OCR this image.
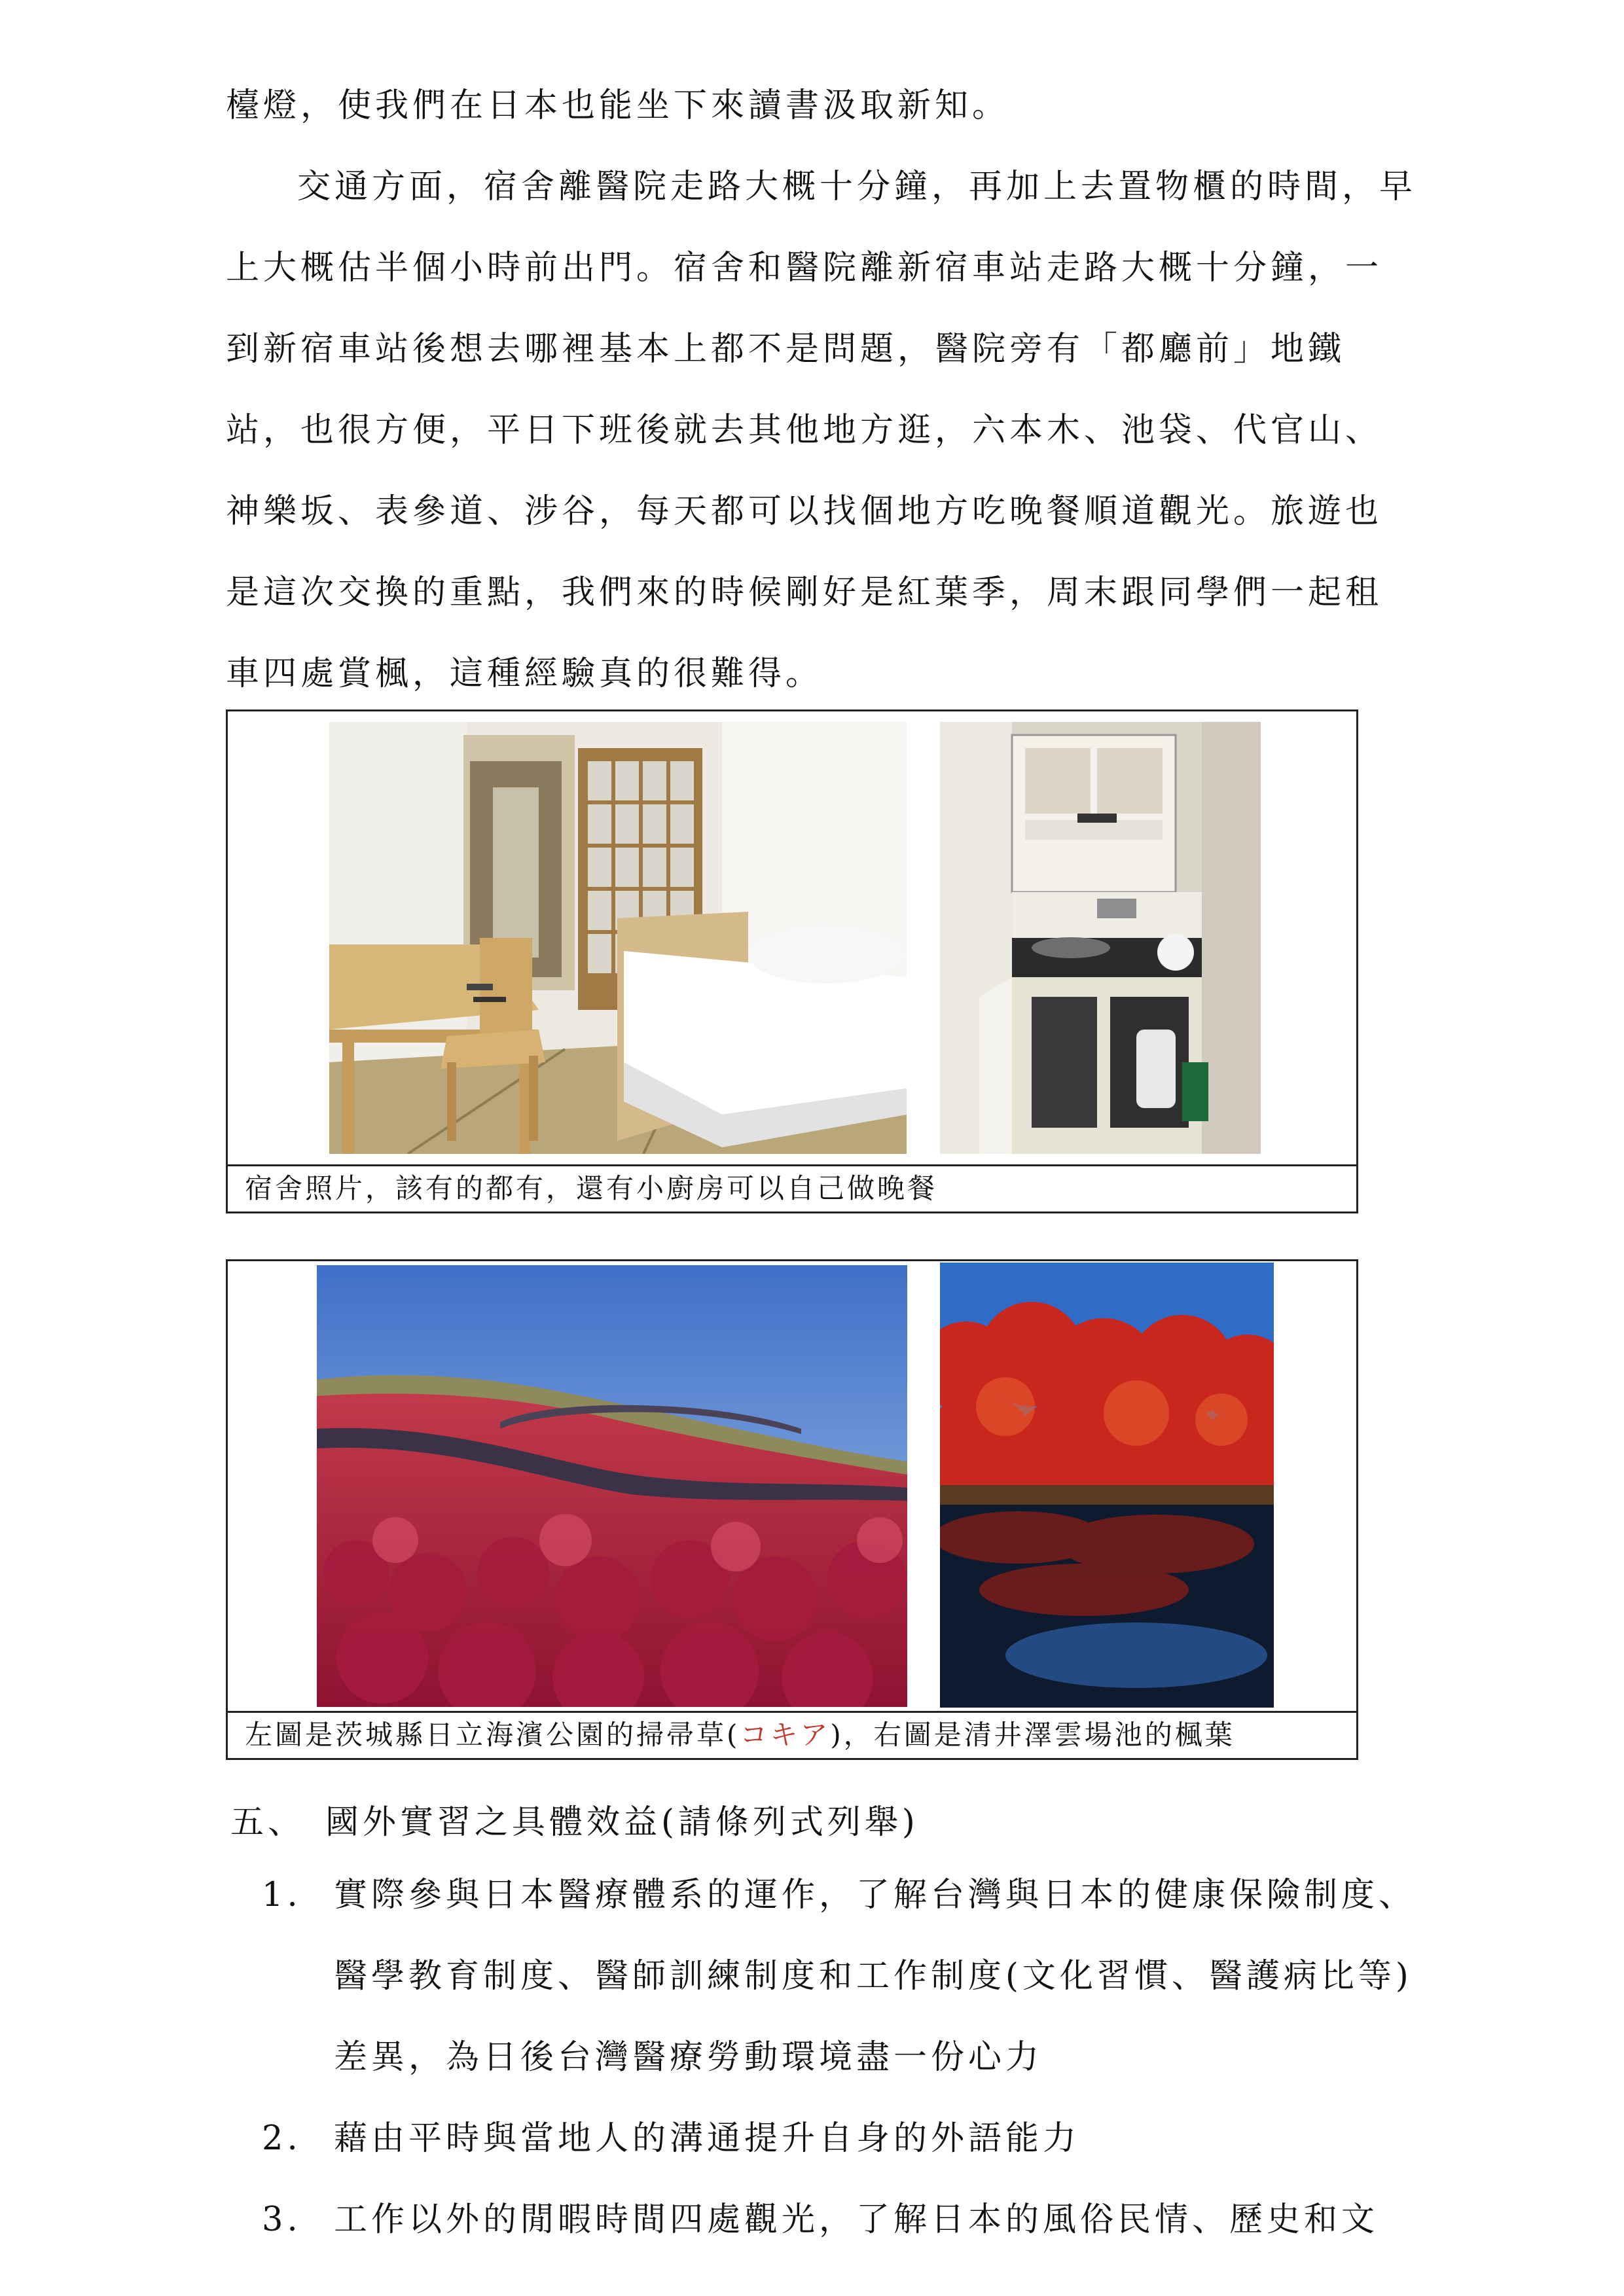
檯燈，使我們在日本也能坐下來讀書汲取新知。

交通方面，宿舍離醫院走路大概十分鐘，再加上去置物櫃的時間，早上大概估半個小時前出門。宿舍和醫院離新宿車站走路大概十分鐘，一到新宿車站後想去哪裡基本上都不是問題，醫院旁有「都廳前」地鐵站，也很方便，平日下班後就去其他地方逛，六本木、池袋、代官山、神樂坂、表參道、涉谷，每天都可以找個地方吃晚餐順道觀光。旅遊也是這次交換的重點，我們來的時候剛好是紅葉季，周末跟同學們一起租車四處賞楓，這種經驗真的很難得。

宿舍照片，該有的都有，還有小廚房可以自己做晚餐
左圖是茨城縣日立海濱公園的掃帚草(コキア)，右圖是清井澤雲場池的楓葉
五、 國外實習之具體效益(請條列式列舉)
1. 實際參與日本醫療體系的運作，了解台灣與日本的健康保險制度、醫學教育制度、醫師訓練制度和工作制度(文化習慣、醫護病比等)差異，為日後台灣醫療勞動環境盡一份心力
2. 藉由平時與當地人的溝通提升自身的外語能力
3. 工作以外的閒暇時間四處觀光，了解日本的風俗民情、歷史和文
